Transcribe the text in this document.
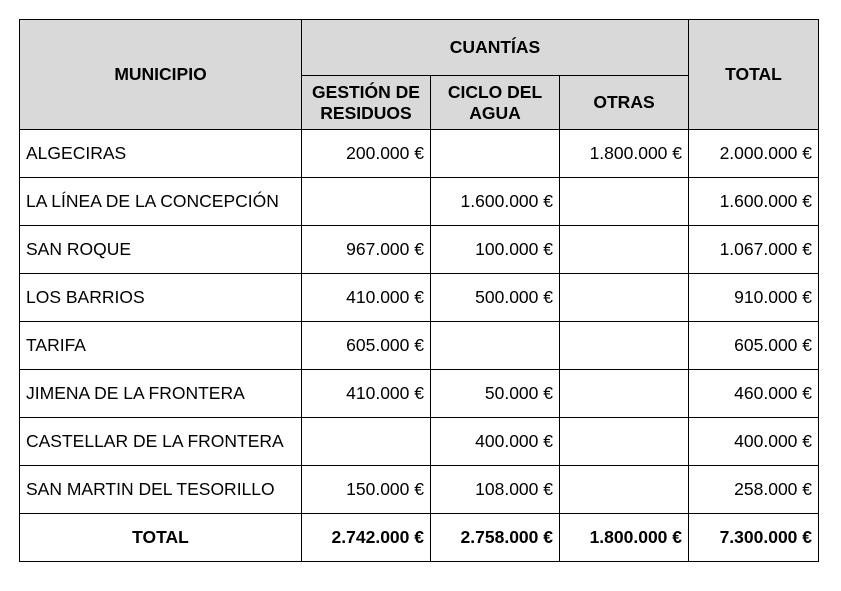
MUNICIPIO	CUANTÍAS			TOTAL
	GESTIÓN DE RESIDUOS	CICLO DEL AGUA	OTRAS	
ALGECIRAS	200.000 €		1.800.000 €	2.000.000 €
LA LÍNEA DE LA CONCEPCIÓN		1.600.000 €		1.600.000 €
SAN ROQUE	967.000 €	100.000 €		1.067.000 €
LOS BARRIOS	410.000 €	500.000 €		910.000 €
TARIFA	605.000 €			605.000 €
JIMENA DE LA FRONTERA	410.000 €	50.000 €		460.000 €
CASTELLAR DE LA FRONTERA		400.000 €		400.000 €
SAN MARTIN DEL TESORILLO	150.000 €	108.000 €		258.000 €
TOTAL	2.742.000 €	2.758.000 €	1.800.000 €	7.300.000 €
